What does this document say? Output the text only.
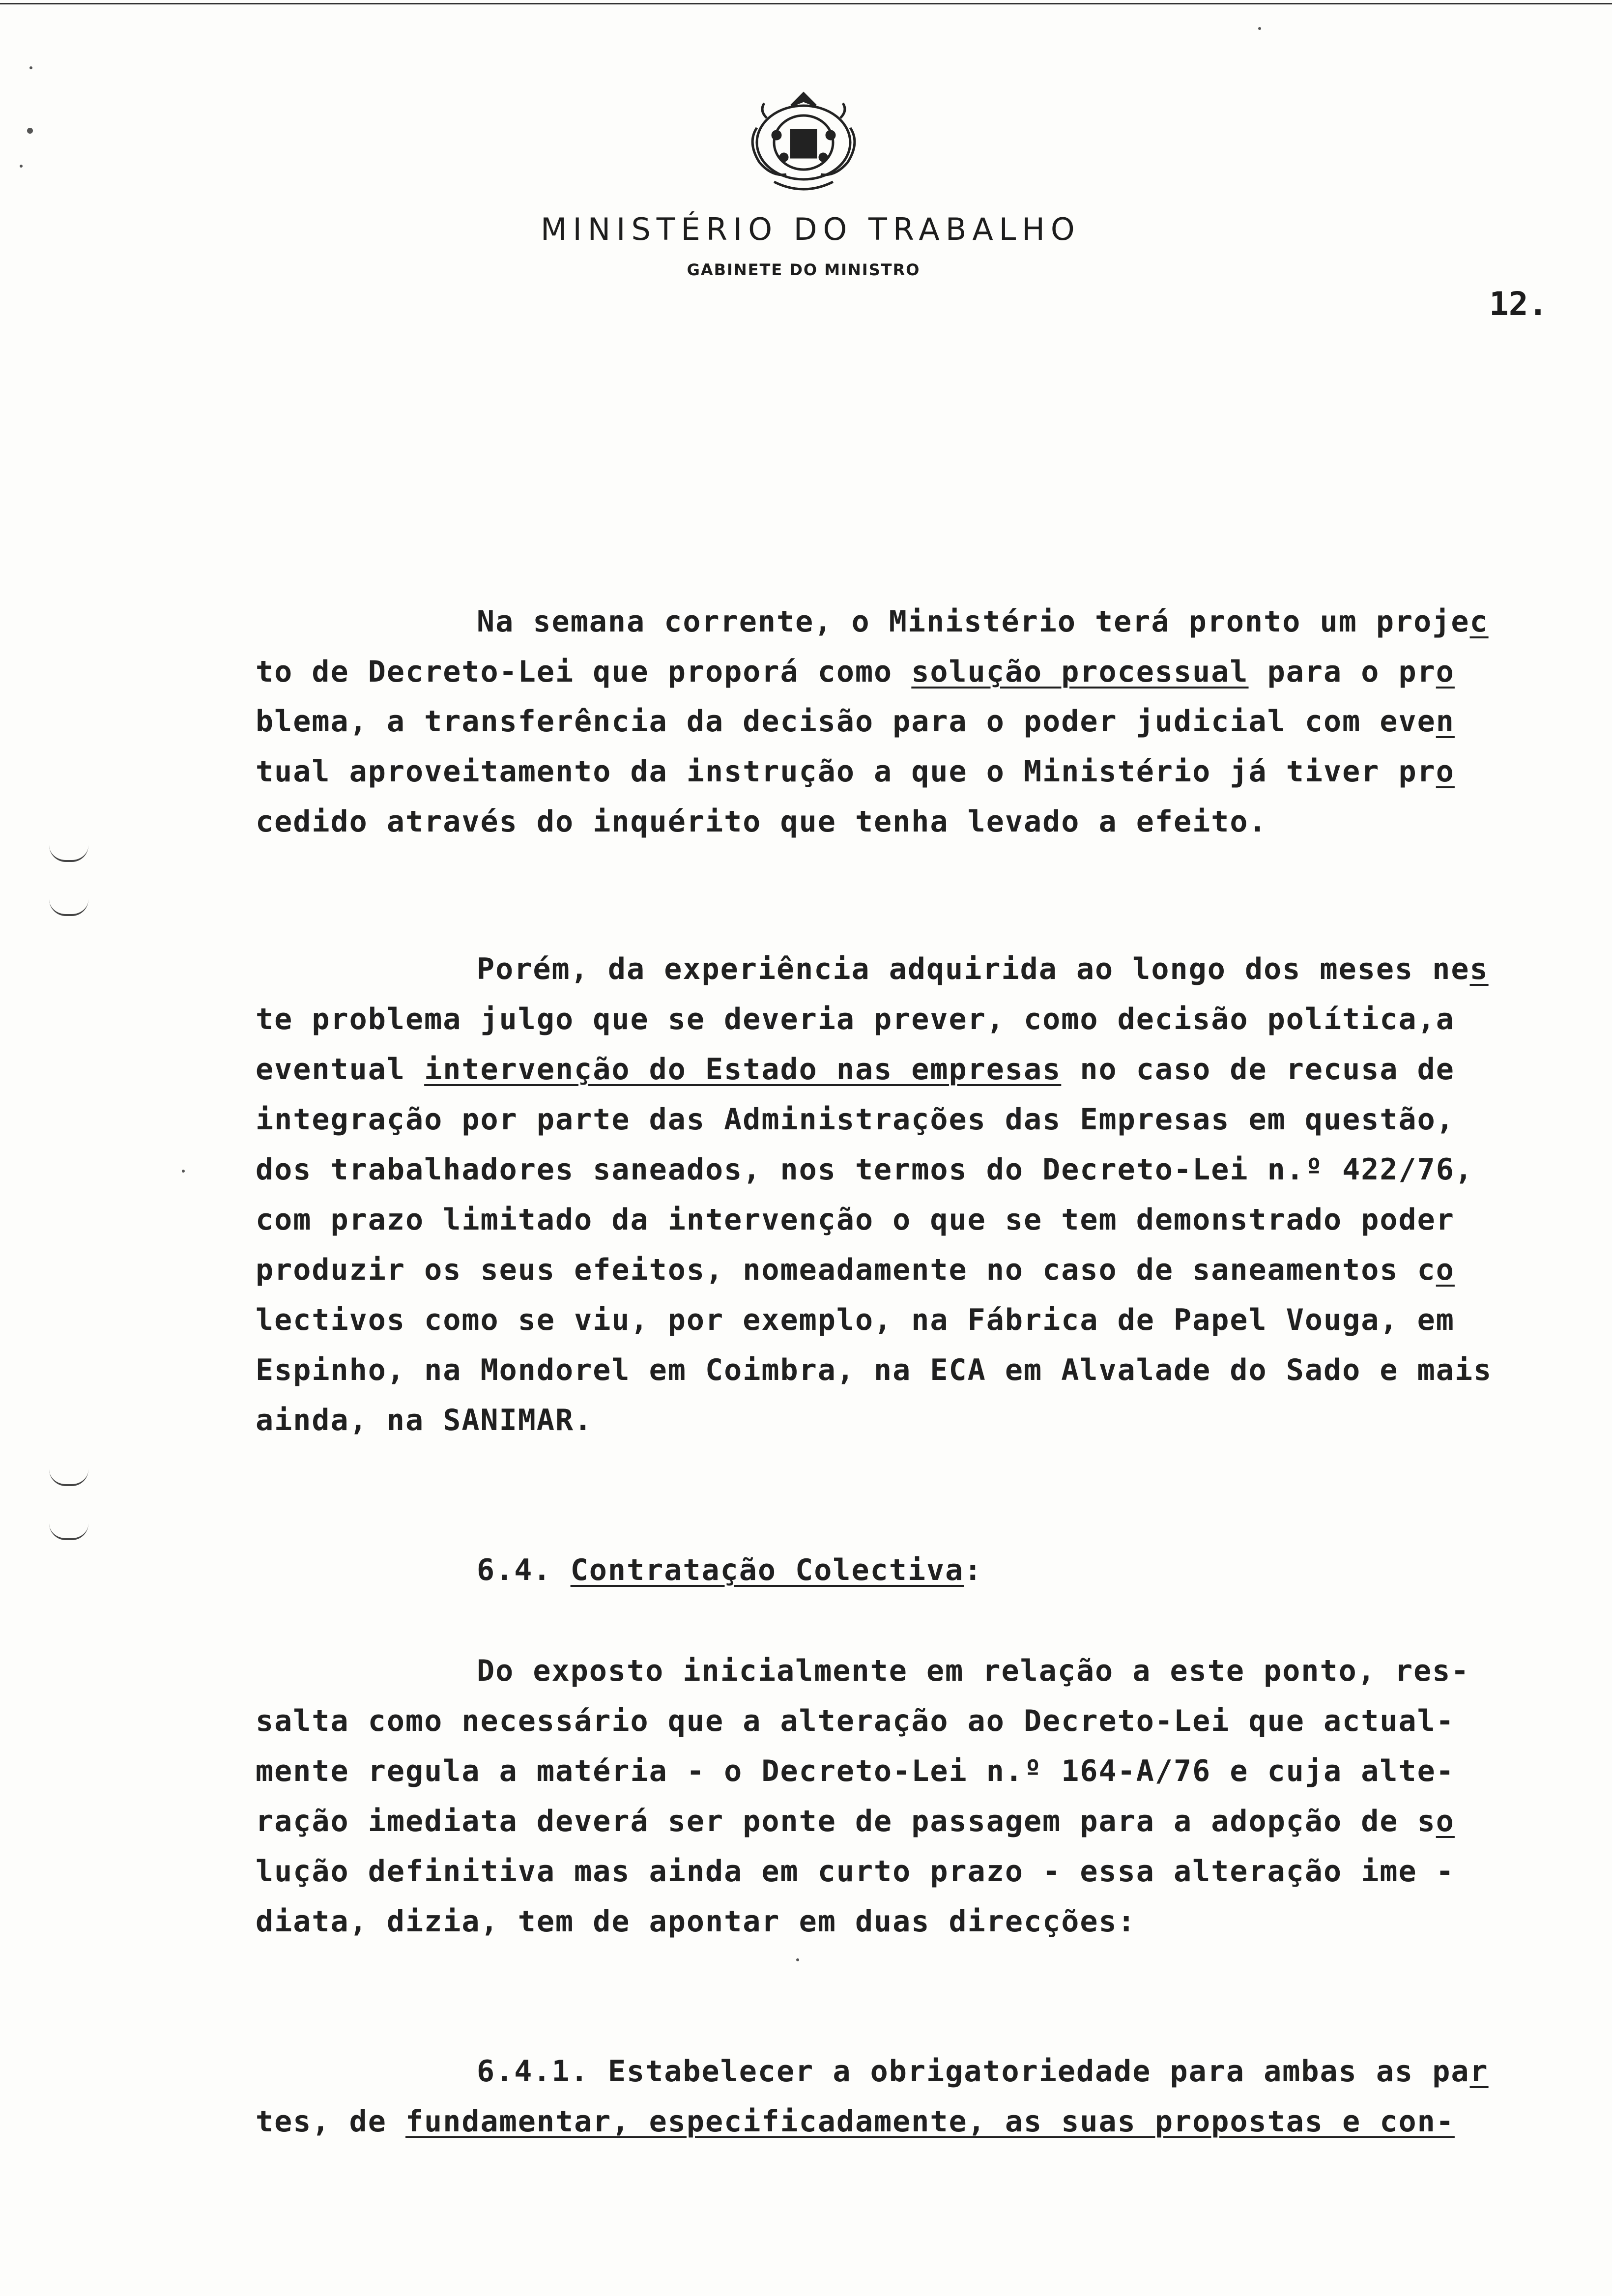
MINISTÉRIO DO TRABALHO
GABINETE DO MINISTRO
12.
Na semana corrente, o Ministério terá pronto um projec
to de Decreto-Lei que proporá como solução processual para o pro
blema, a transferência da decisão para o poder judicial com even
tual aproveitamento da instrução a que o Ministério já tiver pro
cedido através do inquérito que tenha levado a efeito.
Porém, da experiência adquirida ao longo dos meses nes
te problema julgo que se deveria prever, como decisão política,a
eventual intervenção do Estado nas empresas no caso de recusa de
integração por parte das Administrações das Empresas em questão,
dos trabalhadores saneados, nos termos do Decreto-Lei n.º 422/76,
com prazo limitado da intervenção o que se tem demonstrado poder
produzir os seus efeitos, nomeadamente no caso de saneamentos co
lectivos como se viu, por exemplo, na Fábrica de Papel Vouga, em
Espinho, na Mondorel em Coimbra, na ECA em Alvalade do Sado e mais
ainda, na SANIMAR.
6.4. Contratação Colectiva:
Do exposto inicialmente em relação a este ponto, res-
salta como necessário que a alteração ao Decreto-Lei que actual-
mente regula a matéria - o Decreto-Lei n.º 164-A/76 e cuja alte-
ração imediata deverá ser ponte de passagem para a adopção de so
lução definitiva mas ainda em curto prazo - essa alteração ime -
diata, dizia, tem de apontar em duas direcções:
6.4.1. Estabelecer a obrigatoriedade para ambas as par
tes, de fundamentar, especificadamente, as suas propostas e con-
